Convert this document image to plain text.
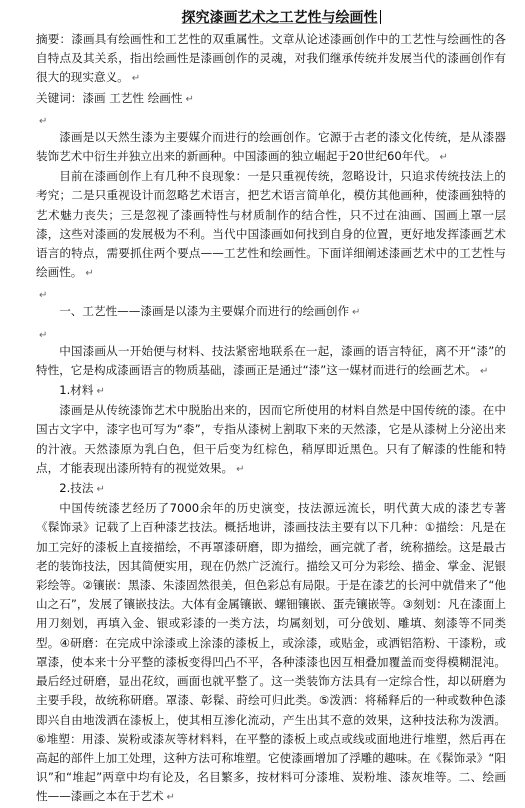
探究漆画艺术之工艺性与绘画性

摘要：漆画具有绘画性和工艺性的双重属性。文章从论述漆画创作中的工艺性与绘画性的各自特点及其关系，指出绘画性是漆画创作的灵魂，对我们继承传统并发展当代的漆画创作有很大的现实意义。 ↵

关键词：漆画 工艺性 绘画性 ↵

↵

漆画是以天然生漆为主要媒介而进行的绘画创作。它源于古老的漆文化传统，是从漆器装饰艺术中衍生并独立出来的新画种。中国漆画的独立崛起于20世纪60年代。 ↵

目前在漆画创作上有几种不良现象：一是只重视传统，忽略设计，只追求传统技法上的考究；二是只重视设计而忽略艺术语言，把艺术语言简单化，模仿其他画种，使漆画独特的艺术魅力丧失；三是忽视了漆画特性与材质制作的结合性，只不过在油画、国画上罩一层漆，这些对漆画的发展极为不利。当代中国漆画如何找到自身的位置，更好地发挥漆画艺术语言的特点，需要抓住两个要点——工艺性和绘画性。下面详细阐述漆画艺术中的工艺性与绘画性。 ↵

↵

一、工艺性——漆画是以漆为主要媒介而进行的绘画创作 ↵

↵

中国漆画从一开始便与材料、技法紧密地联系在一起，漆画的语言特征，离不开“漆”的特性，它是构成漆画语言的物质基础，漆画正是通过“漆”这一媒材而进行的绘画艺术。 ↵

1.材料 ↵

漆画是从传统漆饰艺术中脱胎出来的，因而它所使用的材料自然是中国传统的漆。在中国古文字中，漆字也可写为“桼”，专指从漆树上割取下来的天然漆，它是从漆树上分泌出来的汁液。天然漆原为乳白色，但干后变为红棕色，稍厚即近黑色。只有了解漆的性能和特点，才能表现出漆所特有的视觉效果。 ↵

2.技法 ↵

中国传统漆艺经历了7000余年的历史演变，技法源远流长，明代黄大成的漆艺专著《髹饰录》记载了上百种漆艺技法。概括地讲，漆画技法主要有以下几种：①描绘：凡是在加工完好的漆板上直接描绘，不再罩漆研磨，即为描绘，画完就了者，统称描绘。这是最古老的装饰技法，因其简便实用，现在仍然广泛流行。描绘又可分为彩绘、描金、掌金、泥银彩绘等。②镶嵌：黑漆、朱漆固然很美，但色彩总有局限。于是在漆艺的长河中就借来了“他山之石”，发展了镶嵌技法。大体有金属镶嵌、螺钿镶嵌、蛋壳镶嵌等。③刻划：凡在漆面上用刀刻划，再填入金、银或彩漆的一类方法，均属刻划，可分戗划、雕填、刻漆等不同类型。④研磨：在完成中涂漆或上涂漆的漆板上，或涂漆，或贴金，或洒铝箔粉、干漆粉，或罩漆，使本来十分平整的漆板变得凹凸不平，各种漆漆也因互相叠加覆盖而变得模糊混沌。最后经过研磨，显出花纹，画面也就平整了。这一类装饰方法具有一定综合性，却以研磨为主要手段，故统称研磨。罩漆、彰髹、莳绘可归此类。⑤泼洒：将稀释后的一种或数种色漆即兴自由地泼洒在漆板上，使其相互渗化流动，产生出其不意的效果，这种技法称为泼洒。⑥堆塑：用漆、炭粉或漆灰等材料料，在平整的漆板上或点或线或面地进行堆塑，然后再在高起的部件上加工处理，这种方法可称堆塑。它使漆画增加了浮雕的趣味。在《髹饰录》“阳识”和“堆起”两章中均有论及，名目繁多，按材料可分漆堆、炭粉堆、漆灰堆等。二、绘画性——漆画之本在于艺术 ↵
